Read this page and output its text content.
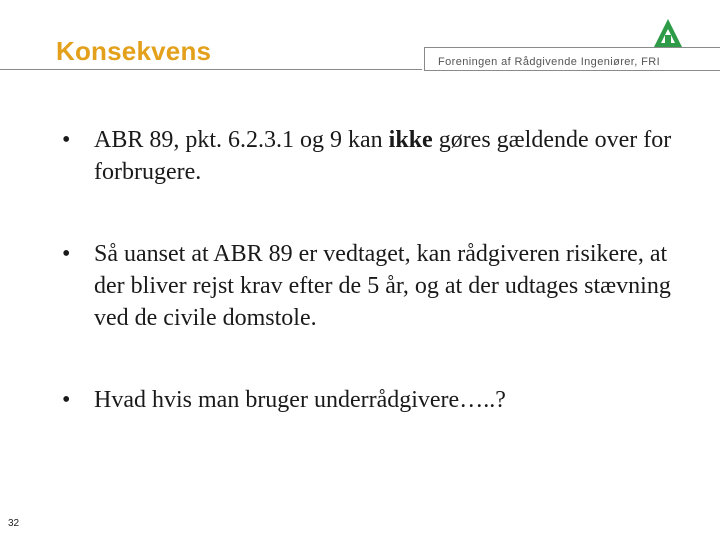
Konsekvens	Foreningen af Rådgivende Ingeniører, FRI
• ABR 89, pkt. 6.2.3.1 og 9 kan ikke gøres gældende over for forbrugere.
• Så uanset at ABR 89 er vedtaget, kan rådgiveren risikere, at der bliver rejst krav efter de 5 år, og at der udtages stævning ved de civile domstole.
• Hvad hvis man bruger underrådgivere…..?
32
